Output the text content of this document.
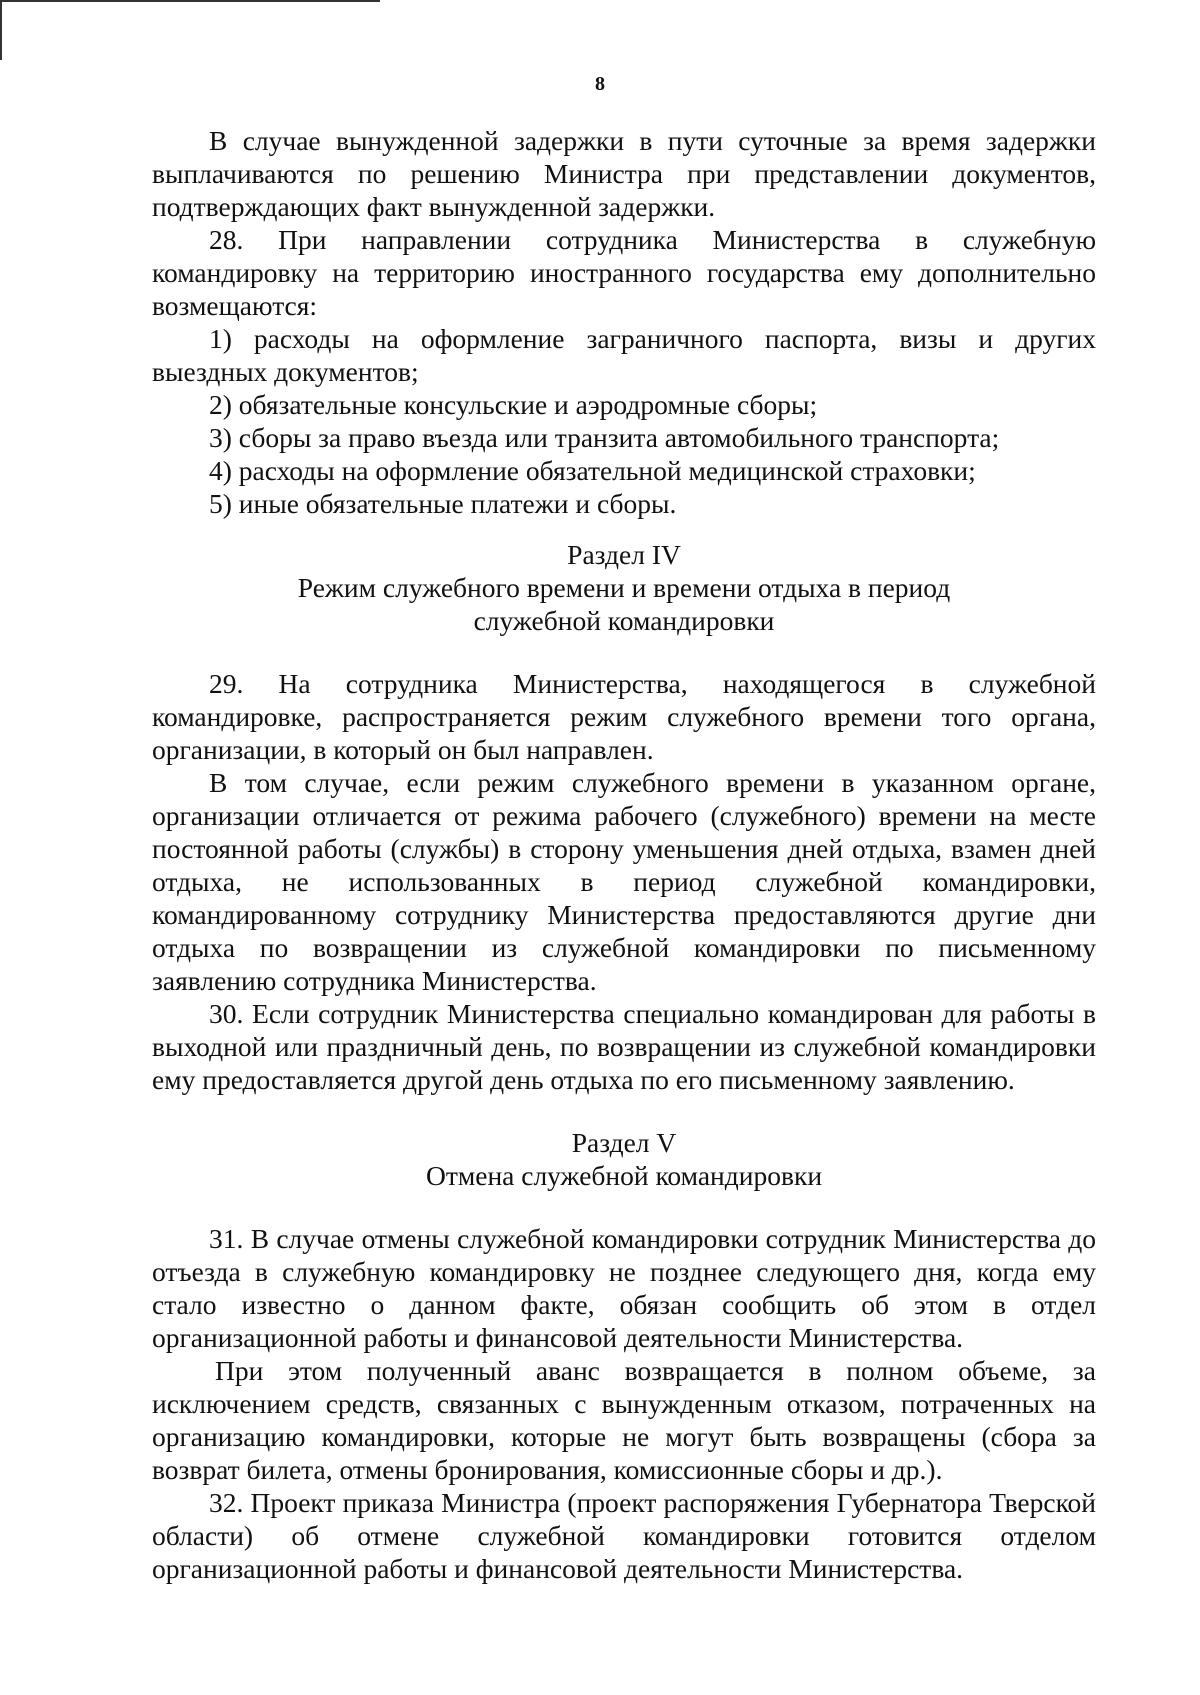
8

В случае вынужденной задержки в пути суточные за время задержки выплачиваются по решению Министра при представлении документов, подтверждающих факт вынужденной задержки.

28. При направлении сотрудника Министерства в служебную командировку на территорию иностранного государства ему дополнительно возмещаются:

1) расходы на оформление заграничного паспорта, визы и других выездных документов;

2) обязательные консульские и аэродромные сборы;

3) сборы за право въезда или транзита автомобильного транспорта;

4) расходы на оформление обязательной медицинской страховки;

5) иные обязательные платежи и сборы.

Раздел IV
Режим служебного времени и времени отдыха в период
служебной командировки

29. На сотрудника Министерства, находящегося в служебной командировке, распространяется режим служебного времени того органа, организации, в который он был направлен.

В том случае, если режим служебного времени в указанном органе, организации отличается от режима рабочего (служебного) времени на месте постоянной работы (службы) в сторону уменьшения дней отдыха, взамен дней отдыха, не использованных в период служебной командировки, командированному сотруднику Министерства предоставляются другие дни отдыха по возвращении из служебной командировки по письменному заявлению сотрудника Министерства.

30. Если сотрудник Министерства специально командирован для работы в выходной или праздничный день, по возвращении из служебной командировки ему предоставляется другой день отдыха по его письменному заявлению.

Раздел V
Отмена служебной командировки

31. В случае отмены служебной командировки сотрудник Министерства до отъезда в служебную командировку не позднее следующего дня, когда ему стало известно о данном факте, обязан сообщить об этом в отдел организационной работы и финансовой деятельности Министерства.

При этом полученный аванс возвращается в полном объеме, за исключением средств, связанных с вынужденным отказом, потраченных на организацию командировки, которые не могут быть возвращены (сбора за возврат билета, отмены бронирования, комиссионные сборы и др.).

32. Проект приказа Министра (проект распоряжения Губернатора Тверской области) об отмене служебной командировки готовится отделом организационной работы и финансовой деятельности Министерства.
